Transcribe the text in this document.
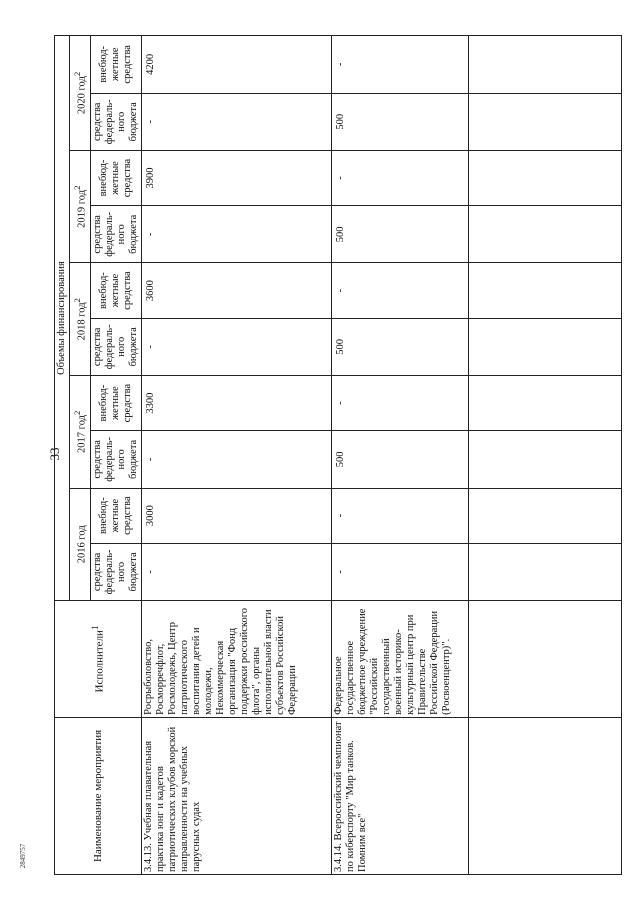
33
2849757	Наименование мероприятия	Исполнители$^1$	Объемы финансирования									
		2016 год		2017 год$^2$		2018 год$^2$		2019 год$^2$		2020 год$^2$
		средства федераль- ного бюджета	внебюд- жетные средства	средства федераль- ного бюджета	внебюд- жетные средства	средства федераль- ного бюджета	внебюд- жетные средства	средства федераль- ного бюджета	внебюд- жетные средства	средства федераль- ного бюджета	внебюд- жетные средства
3.4.13. Учебная плавательная практика юнг и кадетов патриотических клубов морской направленности на учебных парусных судах	Росрыболовство, Росморречфлот, Росмолодежь, Центр патриотического воспитания детей и молодежи, Некоммерческая организация "Фонд поддержки российского флота", органы исполнительной власти субъектов Российской Федерации	-	3000	-	3300	-	3600	-	3900	-	4200
3.4.14. Всероссийский чемпионат по киберспорту "Мир танков. Помним все"	Федеральное государственное бюджетное учреждение "Российский государственный военный историко-культурный центр при Правительстве Российской Федерации (Росвоенцентр)".	-	-	500	-	500	-	500	-	500	-
